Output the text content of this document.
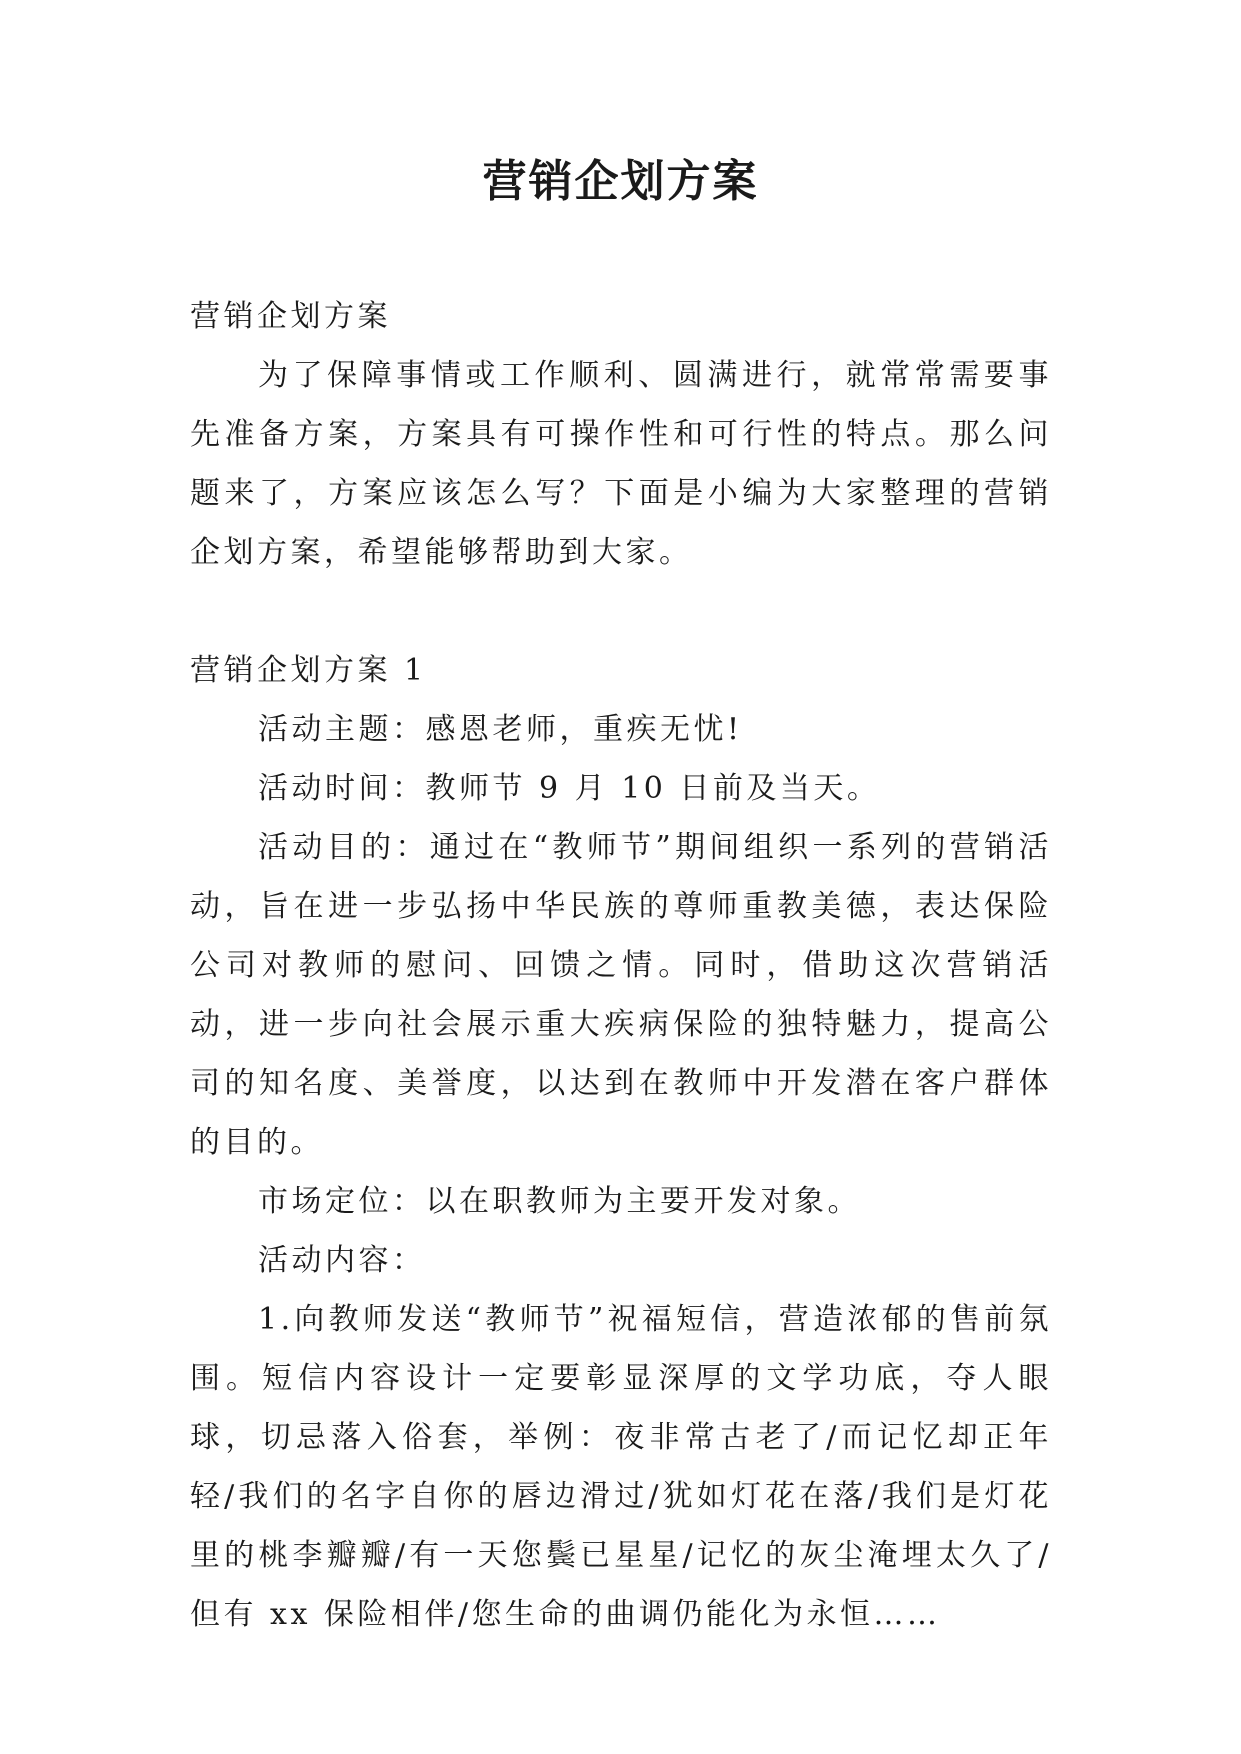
营销企划方案

营销企划方案

为了保障事情或工作顺利、圆满进行，就常常需要事先准备方案，方案具有可操作性和可行性的特点。那么问题来了，方案应该怎么写？下面是小编为大家整理的营销企划方案，希望能够帮助到大家。

营销企划方案 1

活动主题：感恩老师，重疾无忧!

活动时间：教师节 9 月 10 日前及当天。

活动目的：通过在“教师节”期间组织一系列的营销活动，旨在进一步弘扬中华民族的尊师重教美德，表达保险公司对教师的慰问、回馈之情。同时，借助这次营销活动，进一步向社会展示重大疾病保险的独特魅力，提高公司的知名度、美誉度，以达到在教师中开发潜在客户群体的目的。

市场定位：以在职教师为主要开发对象。

活动内容：

1.向教师发送“教师节”祝福短信，营造浓郁的售前氛围。短信内容设计一定要彰显深厚的文学功底，夺人眼球，切忌落入俗套，举例：夜非常古老了/而记忆却正年轻/我们的名字自你的唇边滑过/犹如灯花在落/我们是灯花里的桃李瓣瓣/有一天您鬓已星星/记忆的灰尘淹埋太久了/但有 xx 保险相伴/您生命的曲调仍能化为永恒……
